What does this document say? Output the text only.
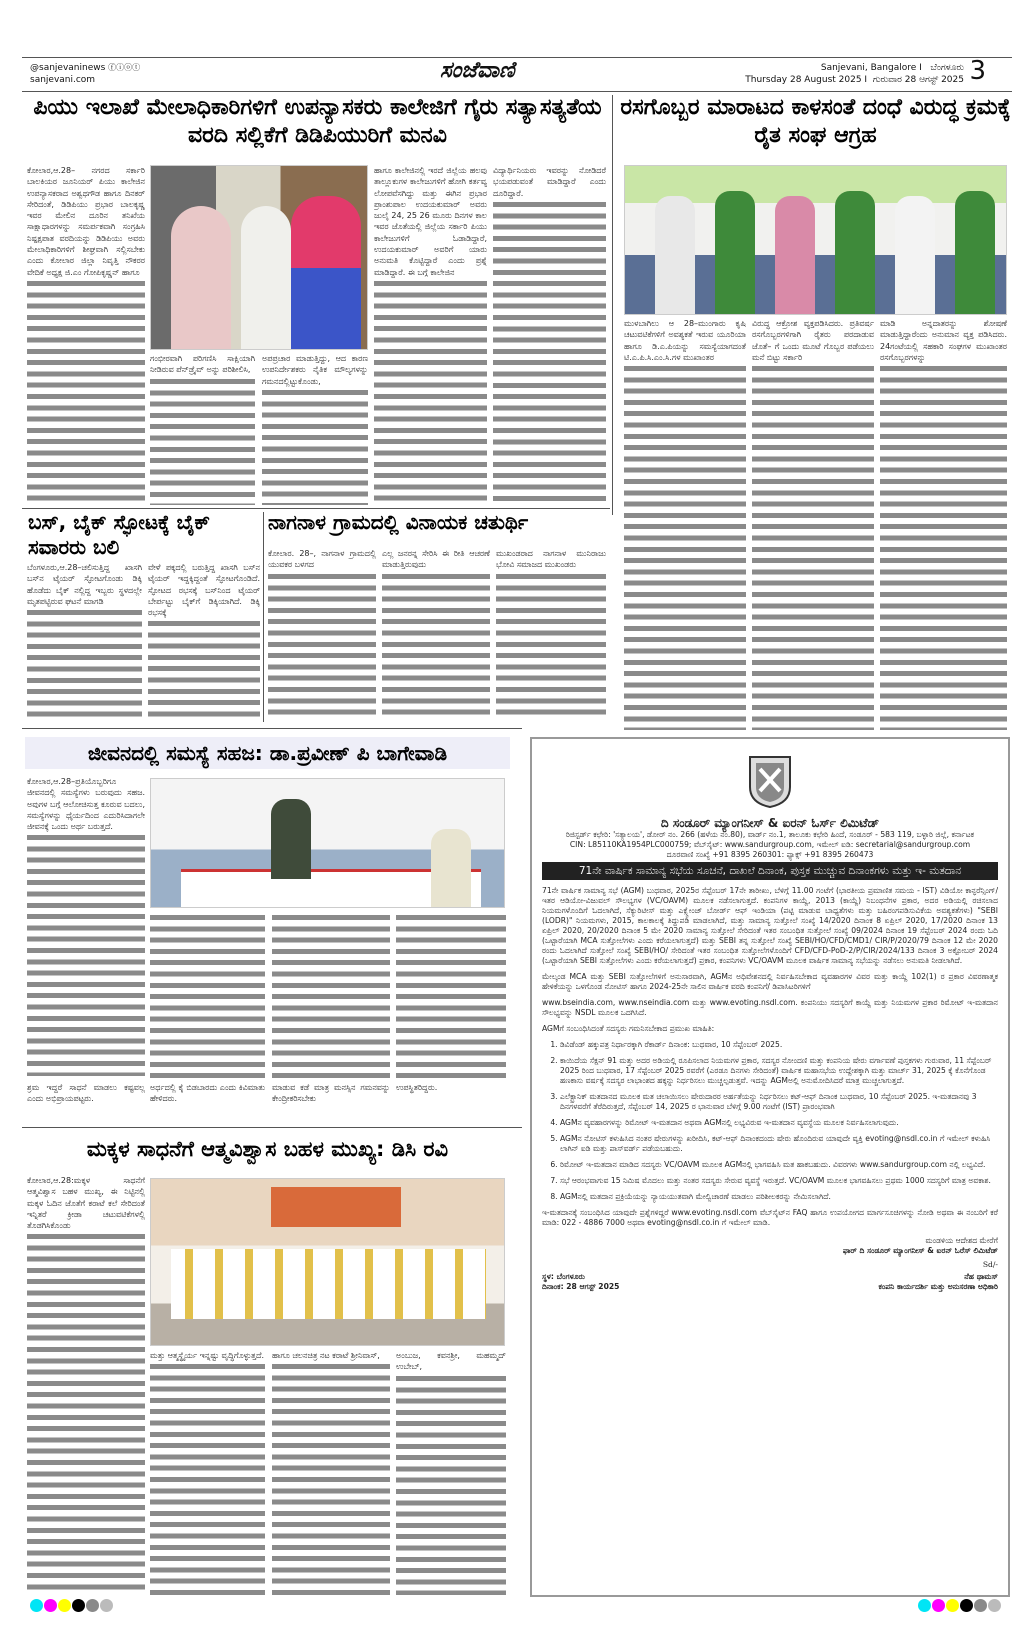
@sanjevaninews ⓕⓘⓞⓣ
sanjevani.com	ಸಂಜೆವಾಣಿ	Sanjevani, Bangalore I ಬೆಂಗಳೂರು
Thursday 28 August 2025 I ಗುರುವಾರ 28 ಆಗಸ್ಟ್ 2025 3
ಪಿಯು ಇಲಾಖೆ ಮೇಲಾಧಿಕಾರಿಗಳಿಗೆ ಉಪನ್ಯಾಸಕರು ಕಾಲೇಜಿಗೆ ಗೈರು ಸತ್ಯಾಸತ್ಯತೆಯ ವರದಿ ಸಲ್ಲಿಕೆಗೆ ಡಿಡಿಪಿಯುರಿಗೆ ಮನವಿ
ಕೋಲಾರ,ಆ.28– ನಗರದ ಸರ್ಕಾರಿ ಬಾಲಕಿಯರ ಜೂನಿಯರ್ ಪಿಯು ಕಾಲೇಜಿನ ಉಪನ್ಯಾಸಕರಾದ ಅಶ್ವಥಗೌಡ ಹಾಗೂ ದಿನಕರ್ ಸೇರಿದಂತೆ, ಡಿಡಿಪಿಯು ಪ್ರಭಾರ ಬಾಲಕೃಷ್ಣ ಇವರ ಮೇಲಿನ ದೂರಿನ ತನಿಖೆಯ ಸಾಕ್ಷಾಧಾರಗಳನ್ನು ಸಮರ್ಪಕವಾಗಿ ಸಂಗ್ರಹಿಸಿ ನಿಷ್ಪಕ್ಷಪಾತ ವರದಿಯನ್ನು ಡಿಡಿಪಿಯು ಅವರು ಮೇಲಾಧಿಕಾರಿಗಳಿಗೆ ಶೀಘ್ರವಾಗಿ ಸಲ್ಲಿಸಬೇಕು ಎಂದು ಕೋಲಾರ ಜಿಲ್ಲಾ ನಿವೃತ್ತಿ ನೌಕರರ ವೇದಿಕೆ ಅಧ್ಯಕ್ಷ ಜಿ.ಎಂ ಗೋಪಿಕೃಷ್ಣನ್ ಹಾಗೂ
ಗಂಭೀರವಾಗಿ ಪರಿಗಣಿಸಿ ಸಾಕ್ಷಿಯಾಗಿ ನೀಡಿರುವ ಪೆನ್‌ಡ್ರೈವ್ ಅನ್ನು ಪರಿಶೀಲಿಸಿ,
ಅಪಪ್ರಚಾರ ಮಾಡುತ್ತಿದ್ದು, ಆದ ಕಾರಣ ಉಪನಿರ್ದೇಶಕರು ನೈತಿಕ ಮೌಲ್ಯಗಳನ್ನು ಗಮನದಲ್ಲಿಟ್ಟುಕೊಂಡು,
ಹಾಗೂ ಕಾಲೇಜಿನಲ್ಲಿ ಇರದೆ ಜಿಲ್ಲೆಯ ಹಲವು ತಾಲ್ಲೂಕುಗಳ ಕಾಲೇಜುಗಳಿಗೆ ಹೋಗಿ ಕರ್ತವ್ಯ ಲೋಪವೆಸಗಿದ್ದು ಮತ್ತು ಈಗಿನ ಪ್ರಭಾರ ಪ್ರಾಂಶುಪಾಲ ಉದಯಕುಮಾರ್ ಅವರು ಜುಲೈ 24, 25 26 ಮೂರು ದಿನಗಳ ಕಾಲ ಇವರ ಜೊತೆಯಲ್ಲಿ ಜಿಲ್ಲೆಯ ಸರ್ಕಾರಿ ಪಿಯು ಕಾಲೇಜುಗಳಿಗೆ ಓಡಾಡಿದ್ದಾರೆ, ಉದಯಕುಮಾರ್ ಅವರಿಗೆ ಯಾರು ಅನುಮತಿ ಕೊಟ್ಟಿದ್ದಾರೆ ಎಂದು ಪ್ರಶ್ನೆ ಮಾಡಿದ್ದಾರೆ. ಈ ಬಗ್ಗೆ ಕಾಲೇಜಿನ
ವಿದ್ಯಾರ್ಥಿನಿಯರು ಇವರನ್ನು ನೋಡಿದರೆ ಭಯಪಡುವಂತೆ ಮಾಡಿದ್ದಾರೆ ಎಂದು ದೂರಿದ್ದಾರೆ.
ರಸಗೊಬ್ಬರ ಮಾರಾಟದ ಕಾಳಸಂತೆ ದಂಧೆ ವಿರುದ್ಧ ಕ್ರಮಕ್ಕೆ ರೈತ ಸಂಘ ಆಗ್ರಹ
ಮುಳಬಾಗಿಲು ಆ 28–ಮುಂಗಾರು ಕೃಷಿ ಚಟುವಟಿಕೆಗಳಿಗೆ ಅವಶ್ಯಕತೆ ಇರುವ ಯೂರಿಯಾ ಹಾಗೂ ಡಿ.ಎ.ಪಿಯನ್ನು ಸಮಸ್ಯೆಯಾಗದಂತೆ ಟಿ.ಎ.ಪಿ.ಸಿ.ಎಂ.ಸಿ.ಗಳ ಮುಖಾಂತರ
ವಿರುದ್ಧ ಆಕ್ರೋಶ ವ್ಯಕ್ತಪಡಿಸಿದರು. ಪ್ರತಿವರ್ಷ ರಸಗೊಬ್ಬರಗಳಿಗಾಗಿ ರೈತರು ಪರದಾಡುವ ಜೊತೆ– ಗೆ ಒಂದು ಮೂಟೆ ಗೊಬ್ಬರ ಪಡೆಯಲು ಮನೆ ಬಿಟ್ಟು ಸರ್ಕಾರಿ
ಮಾಡಿ ಅನ್ನದಾತರನ್ನು ಶೋಷಣೆ ಮಾಡುತ್ತಿದ್ದಾರೆಂದು ಅನುಮಾನ ವ್ಯಕ್ತ ಪಡಿಸಿದರು. 24ಗಂಟೆಯಲ್ಲಿ ಸಹಕಾರಿ ಸಂಘಗಳ ಮುಖಾಂತರ ರಸಗೊಬ್ಬರಗಳನ್ನು
ಬಸ್, ಬೈಕ್ ಸ್ಫೋಟಕ್ಕೆ ಬೈಕ್ ಸವಾರರು ಬಲಿ
ಬೆಂಗಳೂರು,ಆ.28–ಚಲಿಸುತ್ತಿದ್ದ ಖಾಸಗಿ ಬಸ್‌ನ ಟೈಯರ್ ಸ್ಫೋಟಗೊಂಡು ಡಿಕ್ಕಿ ಹೊಡೆದು ಬೈಕ್ ನಲ್ಲಿದ್ದ ಇಬ್ಬರು ಸ್ಥಳದಲ್ಲೇ ಮೃತಪಟ್ಟಿರುವ ಘಟನೆ ಮಾಗಡಿ
ವೇಳೆ ಪಕ್ಕದಲ್ಲಿ ಬರುತ್ತಿದ್ದ ಖಾಸಗಿ ಬಸ್‌ನ ಟೈಯರ್ ಇದ್ದಕ್ಕಿದ್ದಂತೆ ಸ್ಫೋಟಗೊಂಡಿದೆ. ಸ್ಫೋಟದ ರಭಸಕ್ಕೆ ಬಸ್‌ನಿಂದ ಟೈಯರ್ ಬೇರ್ಪಟ್ಟು ಬೈಕ್‌ಗೆ ಡಿಕ್ಕಿಯಾಗಿದೆ. ಡಿಕ್ಕಿ ರಭಸಕ್ಕೆ
ನಾಗನಾಳ ಗ್ರಾಮದಲ್ಲಿ ವಿನಾಯಕ ಚತುರ್ಥಿ
ಕೋಲಾರ. 28–, ನಾಗನಾಳ ಗ್ರಾಮದಲ್ಲಿ ಯುವಕರ ಬಳಗದ
ಎಲ್ಲ ಜನರನ್ನ ಸೇರಿಸಿ ಈ ರೀತಿ ಆಚರಣೆ ಮಾಡುತ್ತಿರುವುದು
ಮುಖಂಡರಾದ ನಾಗನಾಳ ಮುನಿರಾಜು ಭೋವಿ ಸಮಾಜದ ಮುಖಂಡರು
ಜೀವನದಲ್ಲಿ ಸಮಸ್ಯೆ ಸಹಜ: ಡಾ.ಪ್ರವೀಣ್ ಪಿ ಬಾಗೇವಾಡಿ
ಕೋಲಾರ,ಆ.28–ಪ್ರತಿಯೊಬ್ಬರಿಗೂ ಜೀವನದಲ್ಲಿ ಸಮಸ್ಯೆಗಳು ಬರುವುದು ಸಹಜ. ಅವುಗಳ ಬಗ್ಗೆ ಆಲೋಚಿಸುತ್ತ ಕೂರುವ ಬದಲು, ಸಮಸ್ಯೆಗಳನ್ನು ಧೈರ್ಯದಿಂದ ಎದುರಿಸಿದಾಗಲೇ ಜೀವನಕ್ಕೆ ಒಂದು ಅರ್ಥ ಬರುತ್ತದೆ.
ಶ್ರಮ ಇದ್ದರೆ ಸಾಧನೆ ಮಾಡಲು ಕಷ್ಟವಲ್ಲ ಎಂದು ಅಭಿಪ್ರಾಯಪಟ್ಟರು.
ಅರ್ಧದಲ್ಲಿ ಕೈ ಬಿಡಬಾರದು ಎಂದು ಕಿವಿಮಾತು ಹೇಳಿದರು.
ಮಾಡುವ ಕಡೆ ಮಾತ್ರ ಮನಸ್ಸಿನ ಗಮನವನ್ನು ಕೇಂದ್ರೀಕರಿಸಬೇಕು
ಉಪಸ್ಥಿತರಿದ್ದರು.
ಮಕ್ಕಳ ಸಾಧನೆಗೆ ಆತ್ಮವಿಶ್ವಾಸ ಬಹಳ ಮುಖ್ಯ: ಡಿಸಿ ರವಿ
ಕೋಲಾರ,ಆ.28:ಮಕ್ಕಳ ಸಾಧನೆಗೆ ಆತ್ಮವಿಶ್ವಾಸ ಬಹಳ ಮುಖ್ಯ, ಈ ನಿಟ್ಟಿನಲ್ಲಿ ಮಕ್ಕಳ ಓದಿನ ಜೊತೆಗೆ ಕರಾಟೆ ಕಲೆ ಸೇರಿದಂತೆ ಇನ್ನಿತರೆ ಕ್ರೀಡಾ ಚಟುವಟಿಕೆಗಳಲ್ಲಿ ತೊಡಗಿಸಿಕೊಂಡು
ಮತ್ತು ಆತ್ಮಸ್ಥೈರ್ಯ ಇನ್ನಷ್ಟು ವೃದ್ಧಿಗೊಳ್ಳುತ್ತದೆ. ಹಾಗೂ ಚಲನಚಿತ್ರ ನಟ ಕರಾಟೆ ಶ್ರೀನಿವಾಸ್,	ಅಂಬುಜ, ಕವನಶ್ರೀ, ಮಹಮ್ಮದ್ ಉಬೇಬ್,
ದಿ ಸಂಡೂರ್ ಮ್ಯಾಂಗನೀಸ್ & ಐರನ್ ಓರ್ಸ್ ಲಿಮಿಟೆಡ್
ರಿಜಿಸ್ಟರ್ಡ್ ಕಛೇರಿ: 'ಸತ್ಯಾಲಯ', ಡೋರ್ ನಂ. 266 (ಹಳೆಯ ನಂ.80), ವಾರ್ಡ್ ನಂ.1, ತಾಲೂಕು ಕಛೇರಿ ಹಿಂದೆ, ಸಂಡೂರ್ - 583 119, ಬಳ್ಳಾರಿ ಜಿಲ್ಲೆ, ಕರ್ನಾಟಕ
CIN: L85110KA1954PLC000759; ವೆಬ್‌ಸೈಟ್: www.sandurgroup.com, ಇಮೇಲ್ ಐಡಿ: secretarial@sandurgroup.com
ದೂರವಾಣಿ ಸಂಖ್ಯೆ +91 8395 260301: ಫ್ಯಾಕ್ಸ್ +91 8395 260473
71ನೇ ವಾರ್ಷಿಕ ಸಾಮಾನ್ಯ ಸಭೆಯ ಸೂಚನೆ, ದಾಖಲೆ ದಿನಾಂಕ, ಪುಸ್ತಕ ಮುಚ್ಚುವ ದಿನಾಂಕಗಳು ಮತ್ತು ಇ- ಮತದಾನ

71ನೇ ವಾರ್ಷಿಕ ಸಾಮಾನ್ಯ ಸಭೆ (AGM) ಬುಧವಾರ, 2025ರ ಸೆಪ್ಟೆಂಬರ್ 17ನೇ ತಾರೀಖು, ಬೆಳಿಗ್ಗೆ 11.00 ಗಂಟೆಗೆ (ಭಾರತೀಯ ಪ್ರಮಾಣಿತ ಸಮಯ - IST) ವಿಡಿಯೋ ಕಾನ್ಫರೆನ್ಸಿಂಗ್/ಇತರ ಆಡಿಯೋ-ವಿಜುವಲ್ ಸೌಲಭ್ಯಗಳ (VC/OAVM) ಮೂಲಕ ನಡೆಸಲಾಗುತ್ತದೆ. ಕಂಪನಿಗಳ ಕಾಯ್ದೆ, 2013 (ಕಾಯ್ದೆ) ನಿಬಂಧನೆಗಳ ಪ್ರಕಾರ, ಅದರ ಅಡಿಯಲ್ಲಿ ರಚಿಸಲಾದ ನಿಯಮಗಳೊಂದಿಗೆ ಓದಲಾಗಿದೆ, ಸೆಕ್ಯುರಿಟೀಸ್ ಮತ್ತು ಎಕ್ಸ್ಚೇಂಜ್ ಬೋರ್ಡ್ ಆಫ್ ಇಂಡಿಯಾ (ಪಟ್ಟಿ ಮಾಡುವ ಬಾಧ್ಯತೆಗಳು ಮತ್ತು ಬಹಿರಂಗಪಡಿಸುವಿಕೆಯ ಅವಶ್ಯಕತೆಗಳು) "SEBI (LODR)" ನಿಯಮಗಳು, 2015, ಕಾಲಕಾಲಕ್ಕೆ ತಿದ್ದುಪಡಿ ಮಾಡಲಾಗಿದೆ, ಮತ್ತು ಸಾಮಾನ್ಯ ಸುತ್ತೋಲೆ ಸಂಖ್ಯೆ 14/2020 ದಿನಾಂಕ 8 ಏಪ್ರಿಲ್ 2020, 17/2020 ದಿನಾಂಕ 13 ಏಪ್ರಿಲ್ 2020, 20/2020 ದಿನಾಂಕ 5 ಮೇ 2020 ಸಾಮಾನ್ಯ ಸುತ್ತೋಲೆ ಸೇರಿದಂತೆ ಇತರ ಸಂಬಂಧಿತ ಸುತ್ತೋಲೆ ಸಂಖ್ಯೆ 09/2024 ದಿನಾಂಕ 19 ಸೆಪ್ಟೆಂಬರ್ 2024 ರಂದು ಓದಿ (ಒಟ್ಟಾರೆಯಾಗಿ MCA ಸುತ್ತೋಲೆಗಳು ಎಂದು ಕರೆಯಲಾಗುತ್ತದೆ) ಮತ್ತು SEBI ತನ್ನ ಸುತ್ತೋಲೆ ಸಂಖ್ಯೆ SEBI/HO/CFD/CMD1/ CIR/P/2020/79 ದಿನಾಂಕ 12 ಮೇ 2020 ರಂದು ಓದಲಾಗಿದೆ ಸುತ್ತೋಲೆ ಸಂಖ್ಯೆ SEBI/HO/ ಸೇರಿದಂತೆ ಇತರ ಸಂಬಂಧಿತ ಸುತ್ತೋಲೆಗಳೊಂದಿಗೆ CFD/CFD-PoD-2/P/CIR/2024/133 ದಿನಾಂಕ 3 ಅಕ್ಟೋಬರ್ 2024 (ಒಟ್ಟಾರೆಯಾಗಿ SEBI ಸುತ್ತೋಲೆಗಳು ಎಂದು ಕರೆಯಲಾಗುತ್ತದೆ) ಪ್ರಕಾರ, ಕಂಪನಿಗಳು VC/OAVM ಮೂಲಕ ವಾರ್ಷಿಕ ಸಾಮಾನ್ಯ ಸಭೆಯನ್ನು ನಡೆಸಲು ಅನುಮತಿ ನೀಡಲಾಗಿದೆ.

ಮೇಲ್ಕಂಡ MCA ಮತ್ತು SEBI ಸುತ್ತೋಲೆಗಳಿಗೆ ಅನುಸಾರವಾಗಿ, AGMನ ಅಧಿವೇಶನದಲ್ಲಿ ನಿರ್ವಹಿಸಬೇಕಾದ ವ್ಯವಹಾರಗಳ ವಿವರ ಮತ್ತು ಕಾಯ್ದೆ 102(1) ರ ಪ್ರಕಾರ ವಿವರಣಾತ್ಮಕ ಹೇಳಿಕೆಯನ್ನು ಒಳಗೊಂಡ ನೋಟಿಸ್ ಹಾಗೂ 2024-25ನೇ ಸಾಲಿನ ವಾರ್ಷಿಕ ವರದಿ ಕಂಪನಿಗೆ/ ಡಿಪಾಸಿಟರಿಗಳಿಗೆ

www.bseindia.com, www.nseindia.com ಮತ್ತು www.evoting.nsdl.com. ಕಂಪನಿಯು ಸದಸ್ಯರಿಗೆ ಕಾಯ್ದೆ ಮತ್ತು ನಿಯಮಗಳ ಪ್ರಕಾರ ರಿಮೋಟ್ ಇ-ಮತದಾನ ಸೌಲಭ್ಯವನ್ನು NSDL ಮೂಲಕ ಒದಗಿಸಿದೆ.

AGMಗೆ ಸಂಬಂಧಿಸಿದಂತೆ ಸದಸ್ಯರು ಗಮನಿಸಬೇಕಾದ ಪ್ರಮುಖ ಮಾಹಿತಿ:

1. ಡಿವಿಡೆಂಡ್ ಹಕ್ಕುಪತ್ರ ನಿರ್ಧಾರಕ್ಕಾಗಿ ರೆಕಾರ್ಡ್ ದಿನಾಂಕ: ಬುಧವಾರ, 10 ಸೆಪ್ಟೆಂಬರ್ 2025.
2. ಕಾಯಿದೆಯ ಸೆಕ್ಷನ್ 91 ಮತ್ತು ಅದರ ಅಡಿಯಲ್ಲಿ ರೂಪಿಸಲಾದ ನಿಯಮಗಳ ಪ್ರಕಾರ, ಸದಸ್ಯರ ನೋಂದಣಿ ಮತ್ತು ಕಂಪನಿಯ ಷೇರು ವರ್ಗಾವಣೆ ಪುಸ್ತಕಗಳು ಗುರುವಾರ, 11 ಸೆಪ್ಟೆಂಬರ್ 2025 ರಿಂದ ಬುಧವಾರ, 17 ಸೆಪ್ಟೆಂಬರ್ 2025 ರವರೆಗೆ (ಎರಡೂ ದಿನಗಳು ಸೇರಿದಂತೆ) ವಾರ್ಷಿಕ ಮಹಾಸಭೆಯ ಉದ್ದೇಶಕ್ಕಾಗಿ ಮತ್ತು ಮಾರ್ಚ್ 31, 2025 ಕ್ಕೆ ಕೊನೆಗೊಂಡ ಹಣಕಾಸು ವರ್ಷಕ್ಕೆ ಸದಸ್ಯರ ಲಾಭಾಂಶದ ಹಕ್ಕನ್ನು ನಿರ್ಧರಿಸಲು ಮುಚ್ಚಲ್ಪಡುತ್ತವೆ. ಇದನ್ನು AGMಅಲ್ಲಿ ಅನುಮೋದಿಸಿದರೆ ಮಾತ್ರ ಮುಚ್ಚಲಾಗುತ್ತದೆ.
3. ಎಲೆಕ್ಟ್ರಾನಿಕ್ ಮತದಾನದ ಮೂಲಕ ಮತ ಚಲಾಯಿಸಲು ಷೇರುದಾರರ ಅರ್ಹತೆಯನ್ನು ನಿರ್ಧರಿಸಲು ಕಟ್-ಆಫ್ ದಿನಾಂಕ ಬುಧವಾರ, 10 ಸೆಪ್ಟೆಂಬರ್ 2025. ಇ-ಮತದಾನವು 3 ದಿನಗಳವರೆಗೆ ತೆರೆದಿರುತ್ತದೆ, ಸೆಪ್ಟೆಂಬರ್ 14, 2025 ರ ಭಾನುವಾರ ಬೆಳಿಗ್ಗೆ 9.00 ಗಂಟೆಗೆ (IST) ಪ್ರಾರಂಭವಾಗಿ
4. AGMನ ವ್ಯವಹಾರಗಳನ್ನು ರಿಮೋಟ್ ಇ-ಮತದಾನ ಅಥವಾ AGMನಲ್ಲಿ ಲಭ್ಯವಿರುವ ಇ-ಮತದಾನ ವ್ಯವಸ್ಥೆಯ ಮೂಲಕ ನಿರ್ವಹಿಸಲಾಗುವುದು.
5. AGMನ ನೋಟಿಸ್ ಕಳುಹಿಸಿದ ನಂತರ ಷೇರುಗಳನ್ನು ಖರೀದಿಸಿ, ಕಟ್-ಆಫ್ ದಿನಾಂಕದಂದು ಷೇರು ಹೊಂದಿರುವ ಯಾವುದೇ ವ್ಯಕ್ತಿ evoting@nsdl.co.in ಗೆ ಇಮೇಲ್ ಕಳುಹಿಸಿ ಲಾಗಿನ್ ಐಡಿ ಮತ್ತು ಪಾಸ್‌ವರ್ಡ್ ಪಡೆಯಬಹುದು.
6. ರಿಮೋಟ್ ಇ-ಮತದಾನ ಮಾಡಿದ ಸದಸ್ಯರು VC/OAVM ಮೂಲಕ AGMನಲ್ಲಿ ಭಾಗವಹಿಸಿ ಮತ ಹಾಕಬಹುದು. ವಿವರಗಳು www.sandurgroup.com ನಲ್ಲಿ ಲಭ್ಯವಿದೆ.
7. ಸಭೆ ಆರಂಭವಾಗುವ 15 ನಿಮಿಷ ಮೊದಲು ಮತ್ತು ನಂತರ ಸದಸ್ಯರು ಸೇರುವ ವ್ಯವಸ್ಥೆ ಇರುತ್ತದೆ. VC/OAVM ಮೂಲಕ ಭಾಗವಹಿಸಲು ಪ್ರಥಮ 1000 ಸದಸ್ಯರಿಗೆ ಮಾತ್ರ ಅವಕಾಶ.
8. AGMನಲ್ಲಿ ಮತದಾನ ಪ್ರಕ್ರಿಯೆಯನ್ನು ನ್ಯಾಯಯುತವಾಗಿ ಮೇಲ್ವಿಚಾರಣೆ ಮಾಡಲು ಪರಿಶೀಲಕರನ್ನು ನೇಮಿಸಲಾಗಿದೆ.

ಇ-ಮತದಾನಕ್ಕೆ ಸಂಬಂಧಿಸಿದ ಯಾವುದೇ ಪ್ರಶ್ನೆಗಳಿದ್ದರೆ www.evoting.nsdl.com ವೆಬ್‌ಸೈಟ್‌ನ FAQ ಹಾಗೂ ಉಪಯೋಗದ ಮಾರ್ಗಸೂಚಿಗಳನ್ನು ನೋಡಿ ಅಥವಾ ಈ ನಂಬರಿಗೆ ಕರೆ ಮಾಡಿ: 022 - 4886 7000 ಅಥವಾ evoting@nsdl.co.in ಗೆ ಇಮೇಲ್ ಮಾಡಿ.

ಮಂಡಳಿಯ ಆದೇಶದ ಮೇರೆಗೆ
ಫಾರ್ ದಿ ಸಂಡೂರ್ ಮ್ಯಾಂಗನೀಸ್ & ಐರನ್ ಓರೆಸ್ ಲಿಮಿಟೆಡ್
Sd/-
ಸ್ಥಳ: ಬೆಂಗಳೂರು
ದಿನಾಂಕ: 28 ಆಗಸ್ಟ್ 2025
ನೆಹ ಥಾಮಸ್
ಕಂಪನಿ ಕಾರ್ಯದರ್ಶಿ ಮತ್ತು ಅನುಸರಣಾ ಅಧಿಕಾರಿ
